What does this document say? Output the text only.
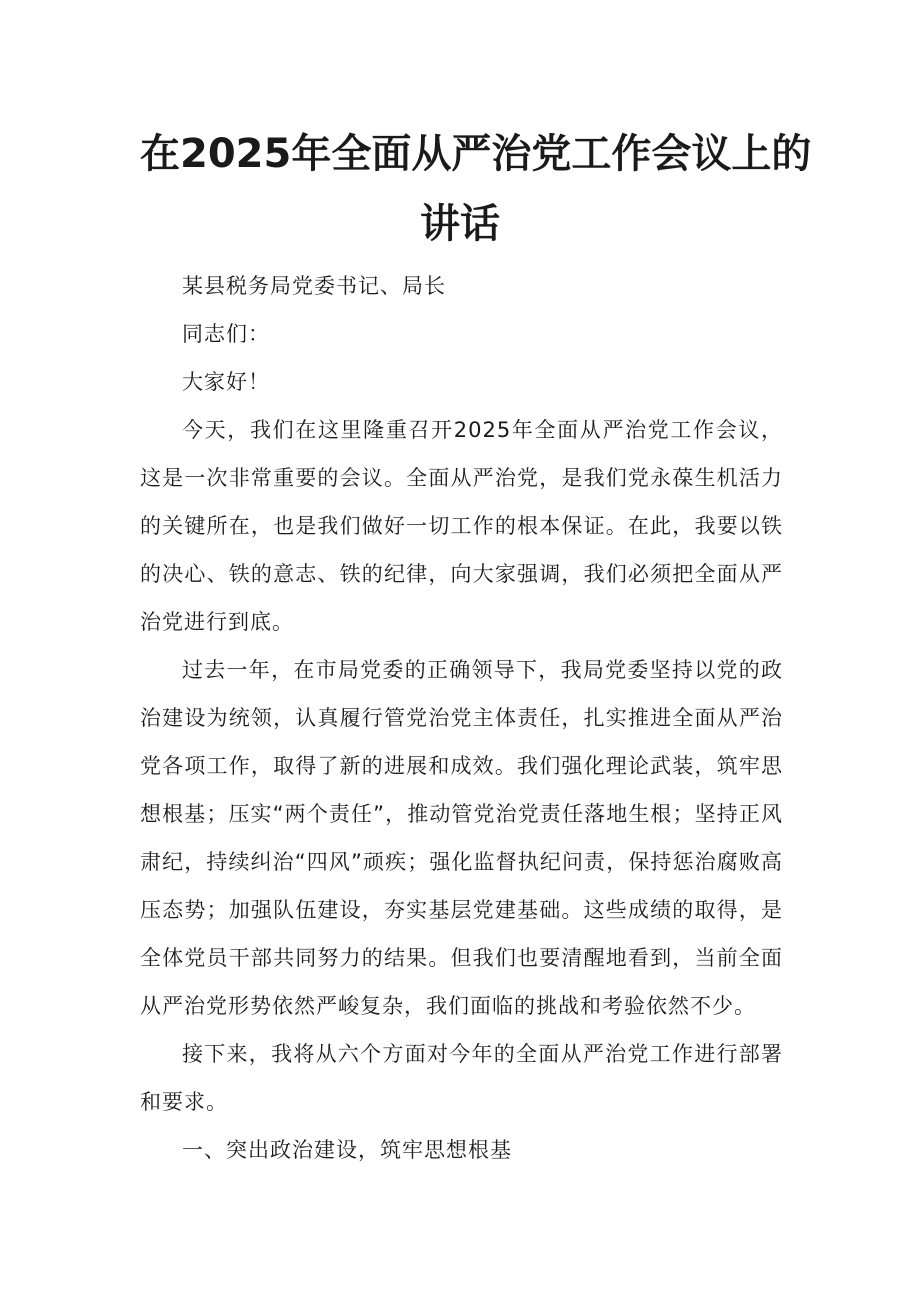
在2025年全面从严治党工作会议上的
讲话

某县税务局党委书记、局长

同志们：

大家好！

今天，我们在这里隆重召开2025年全面从严治党工作会议，这是一次非常重要的会议。全面从严治党，是我们党永葆生机活力的关键所在，也是我们做好一切工作的根本保证。在此，我要以铁的决心、铁的意志、铁的纪律，向大家强调，我们必须把全面从严治党进行到底。

过去一年，在市局党委的正确领导下，我局党委坚持以党的政治建设为统领，认真履行管党治党主体责任，扎实推进全面从严治党各项工作，取得了新的进展和成效。我们强化理论武装，筑牢思想根基；压实“两个责任”，推动管党治党责任落地生根；坚持正风肃纪，持续纠治“四风”顽疾；强化监督执纪问责，保持惩治腐败高压态势；加强队伍建设，夯实基层党建基础。这些成绩的取得，是全体党员干部共同努力的结果。但我们也要清醒地看到，当前全面从严治党形势依然严峻复杂，我们面临的挑战和考验依然不少。

接下来，我将从六个方面对今年的全面从严治党工作进行部署和要求。

一、突出政治建设，筑牢思想根基
